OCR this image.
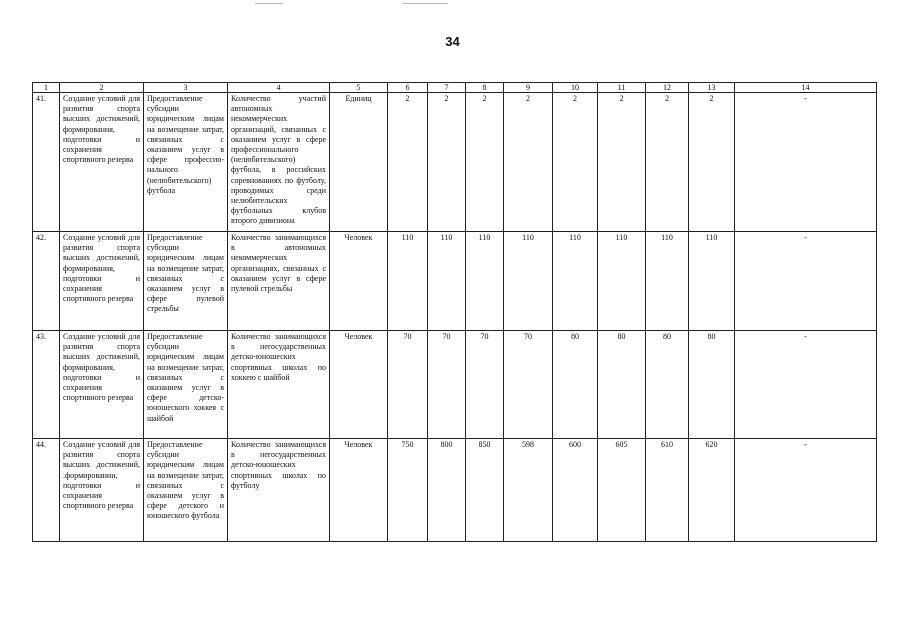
34
1	2	3	4	5	6	7	8	9	10	11	12	13	14
41.	Создание условий для развития спорта высших достижений, формирования, подготовки и сохранения спортивного резерва	Предоставление субсидии юридическим лицам на возмещение затрат, связанных с оказанием услуг в сфере профессио-нального (нелюбительского) футбола	Количество участий автономных некоммерческих организаций, связанных с оказанием услуг в сфере профессионального (нелюбительского) футбола, в российских соревнованиях по футболу, проводимых среди нелюбительских футбольных клубов второго дивизиона	Единиц	2	2	2	2	2	2	2	2	-
42.	Создание условий для развития спорта высших достижений, формирования, подготовки и сохранения спортивного резерва	Предоставление субсидии юридическим лицам на возмещение затрат, связанных с оказанием услуг в сфере пулевой стрельбы	Количество занимающихся в автономных некоммерческих организациях, связанных с оказанием услуг в сфере пулевой стрельбы	Человек	110	110	110	110	110	110	110	110	-
43.	Создание условий для развития спорта высших достижений, формирования, подготовки и сохранения спортивного резерва	Предоставление субсидии юридическим лицам на возмещение затрат, связанных с оказанием услуг в сфере детско-юношеского хоккея с шайбой	Количество занимающихся в негосударственных детско-юношеских спортивных школах по хоккею с шайбой	Человек	70	70	70	70	80	80	80	80	-
44.	Создание условий для развития спорта высших достижений, .формировании, подготовки и сохранения спортивного резерва	Предоставление субсидии юридическим лицам на возмещение затрат, связанных с оказанием услуг в сфере детского и юношеского футбола	Количество занимающихся в негосударственных детско-юношеских спортивных школах по футболу	Человек	750	800	850	598	600	605	610	620	-
